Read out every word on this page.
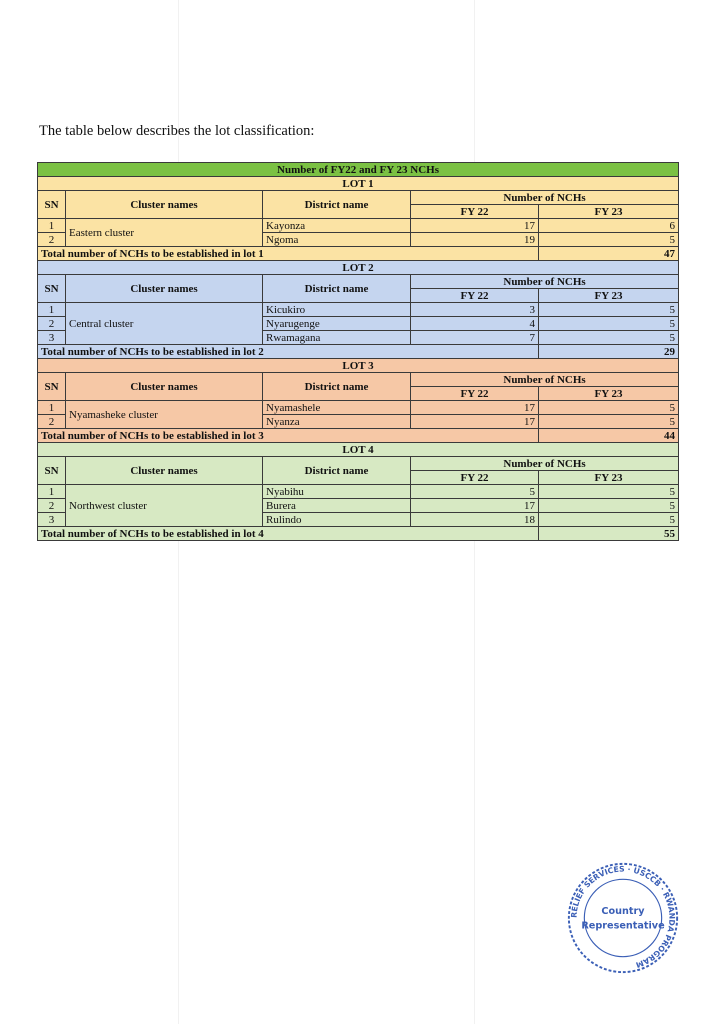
The table below describes the lot classification:
Number of FY22 and FY 23 NCHs				
LOT 1				
SN	Cluster names	District name	Number of NCHs	
			FY 22	FY 23
1	Eastern cluster	Kayonza	17	6
2		Ngoma	19	5
Total number of NCHs to be established in lot 1				47
LOT 2				
SN	Cluster names	District name	Number of NCHs	
			FY 22	FY 23
1	Central cluster	Kicukiro	3	5
2		Nyarugenge	4	5
3		Rwamagana	7	5
Total number of NCHs to be established in lot 2				29
LOT 3				
SN	Cluster names	District name	Number of NCHs	
			FY 22	FY 23
1	Nyamasheke cluster	Nyamashele	17	5
2		Nyanza	17	5
Total number of NCHs to be established in lot 3				44
LOT 4				
SN	Cluster names	District name	Number of NCHs	
			FY 22	FY 23
1	Northwest cluster	Nyabihu	5	5
2		Burera	17	5
3		Rulindo	18	5
Total number of NCHs to be established in lot 4				55
RELIEF SERVICES · USCCB · RWANDA PROGRAM
Country
Representative
